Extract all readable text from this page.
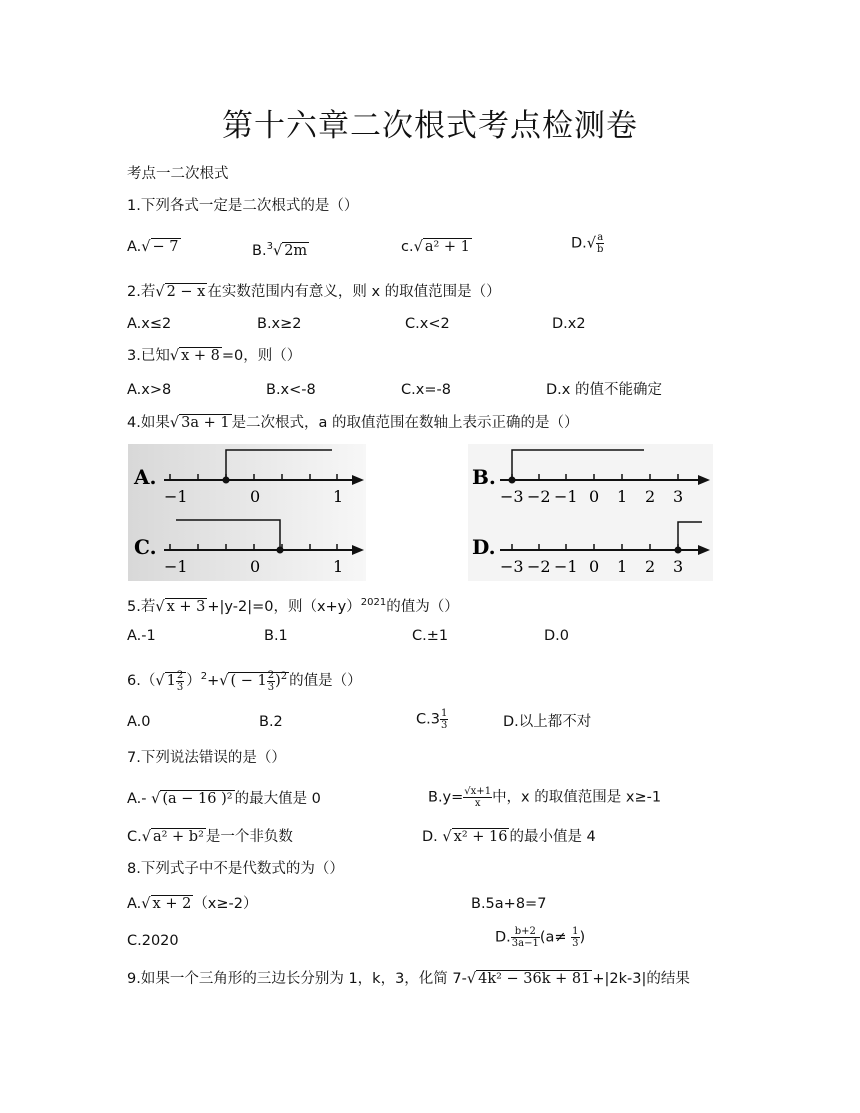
第十六章二次根式考点检测卷
考点一二次根式
1.下列各式一定是二次根式的是（）
A.√ − 7	B.$^3$√ 2m	c.√ a² + 1	$D.√ \frac{a}{b}$
2.若√ 2 − x 在实数范围内有意义，则 x 的取值范围是（）
A.x≤2	B.x≥2	C.x<2	D.x2
3.已知√ x + 8 =0，则（）
A.x>8	B.x<-8	C.x=-8	D.x 的值不能确定
4.如果√ 3a + 1 是二次根式，a 的取值范围在数轴上表示正确的是（）
A.
−1	0	1
C.
−1	0	1
B.
−3 −2 −1 0 1 2 3
D.
−3 −2 −1 0 1 2 3
5.若√ x + 3 +|y-2|=0，则$(x+y)^{2021}$的值为（）
A.-1	B.1	C.±1	D.0
6.（√ $1 \frac{2}{3} )^2+√$ ( − $1 \frac{2}{3} )^2$ 的值是（）
A.0	B.2	$C.3 \frac{1}{3}$	D.以上都不对
7.下列说法错误的是（）
A.- √ (a − 16 )² 的最大值是 0	$B.y= \frac{√x+1}{x}$ 中，x 的取值范围是 x≥-1
C.√ a² + b² 是一个非负数	D. √ x² + 16 的最小值是 4
8.下列式子中不是代数式的为（）
A.√ x + 2 （x≥-2）	B.5a+8=7
C.2020	D. $\frac{b+2}{3a-1} (a\ne \frac{1}{3}$ )
9.如果一个三角形的三边长分别为 1，k，3，化简 7-√ 4k² − 36k + 81 +|2k-3|的结果
